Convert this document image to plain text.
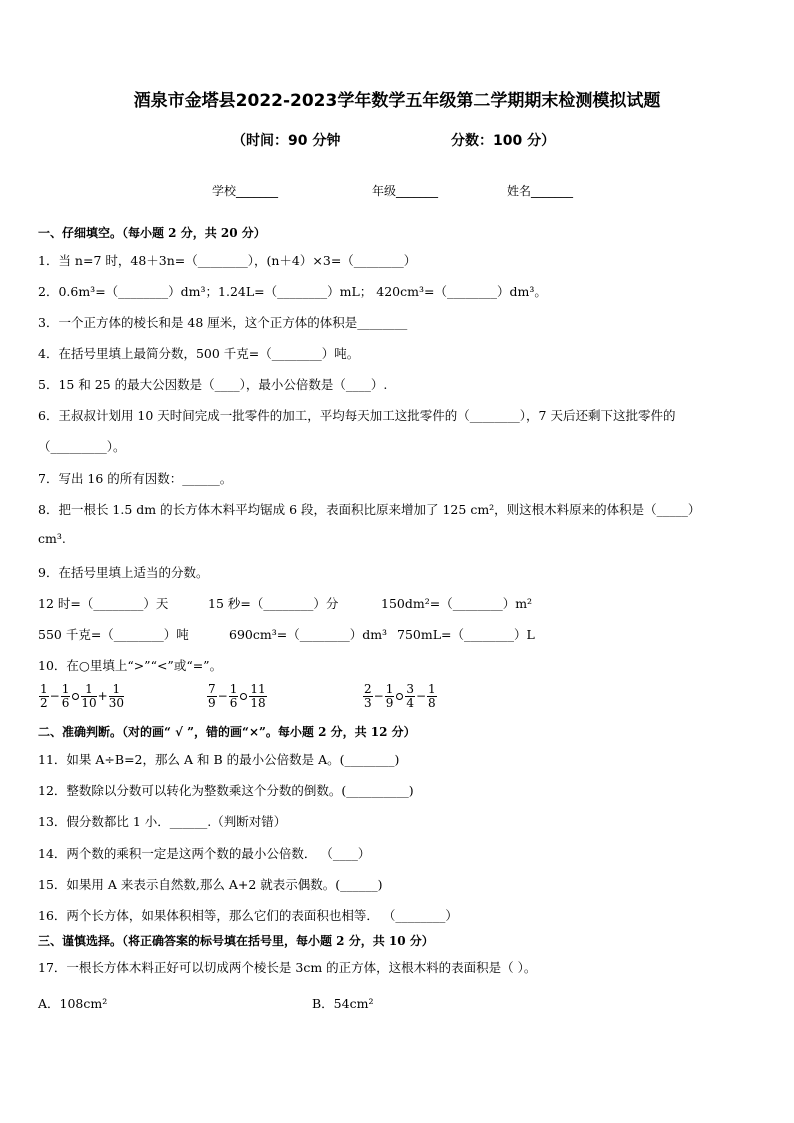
酒泉市金塔县2022-2023学年数学五年级第二学期期末检测模拟试题
（时间：90 分钟	分数：100 分）
学校_______	年级_______	姓名_______
一、仔细填空。（每小题 2 分，共 20 分）
1．当 n=7 时，48＋3n=（________），(n＋4）×3=（________）
2．0.6m³=（________）dm³；1.24L=（________）mL； 420cm³=（________）dm³。
3．一个正方体的棱长和是 48 厘米，这个正方体的体积是________
4．在括号里填上最简分数，500 千克=（________）吨。
5．15 和 25 的最大公因数是（____），最小公倍数是（____）.
6．王叔叔计划用 10 天时间完成一批零件的加工，平均每天加工这批零件的（________），7 天后还剩下这批零件的
（_________）。
7．写出 16 的所有因数：______。
8．把一根长 1.5 dm 的长方体木料平均锯成 6 段，表面积比原来增加了 125 cm²，则这根木料原来的体积是（_____）
cm³.
9．在括号里填上适当的分数。
12 时=（________）天	15 秒=（________）分	150dm²=（________）m²
550 千克=（________）吨	690cm³=（________）dm³ 750mL=（________）L
10．在○里填上“>”“<”或“=”。
$\frac{1}{2} - \frac{1}{6} \frac{1}{10} + \frac{1}{30}$	$\frac{7}{9} - \frac{1}{6} \frac{11}{18}$	$\frac{2}{3} - \frac{1}{9} \frac{3}{4} - \frac{1}{8}$
二、准确判断。（对的画“ √ ”，错的画“×”。每小题 2 分，共 12 分）
11．如果 A÷B=2，那么 A 和 B 的最小公倍数是 A。(________)
12．整数除以分数可以转化为整数乘这个分数的倒数。(__________)
13．假分数都比 1 小．______.（判断对错）
14．两个数的乘积一定是这两个数的最小公倍数． （____）
15．如果用 A 来表示自然数,那么 A+2 就表示偶数。(______)
16．两个长方体，如果体积相等，那么它们的表面积也相等． （________）
三、谨慎选择。（将正确答案的标号填在括号里，每小题 2 分，共 10 分）
17．一根长方体木料正好可以切成两个棱长是 3cm 的正方体，这根木料的表面积是（ ）。
A．108cm²	B．54cm²
